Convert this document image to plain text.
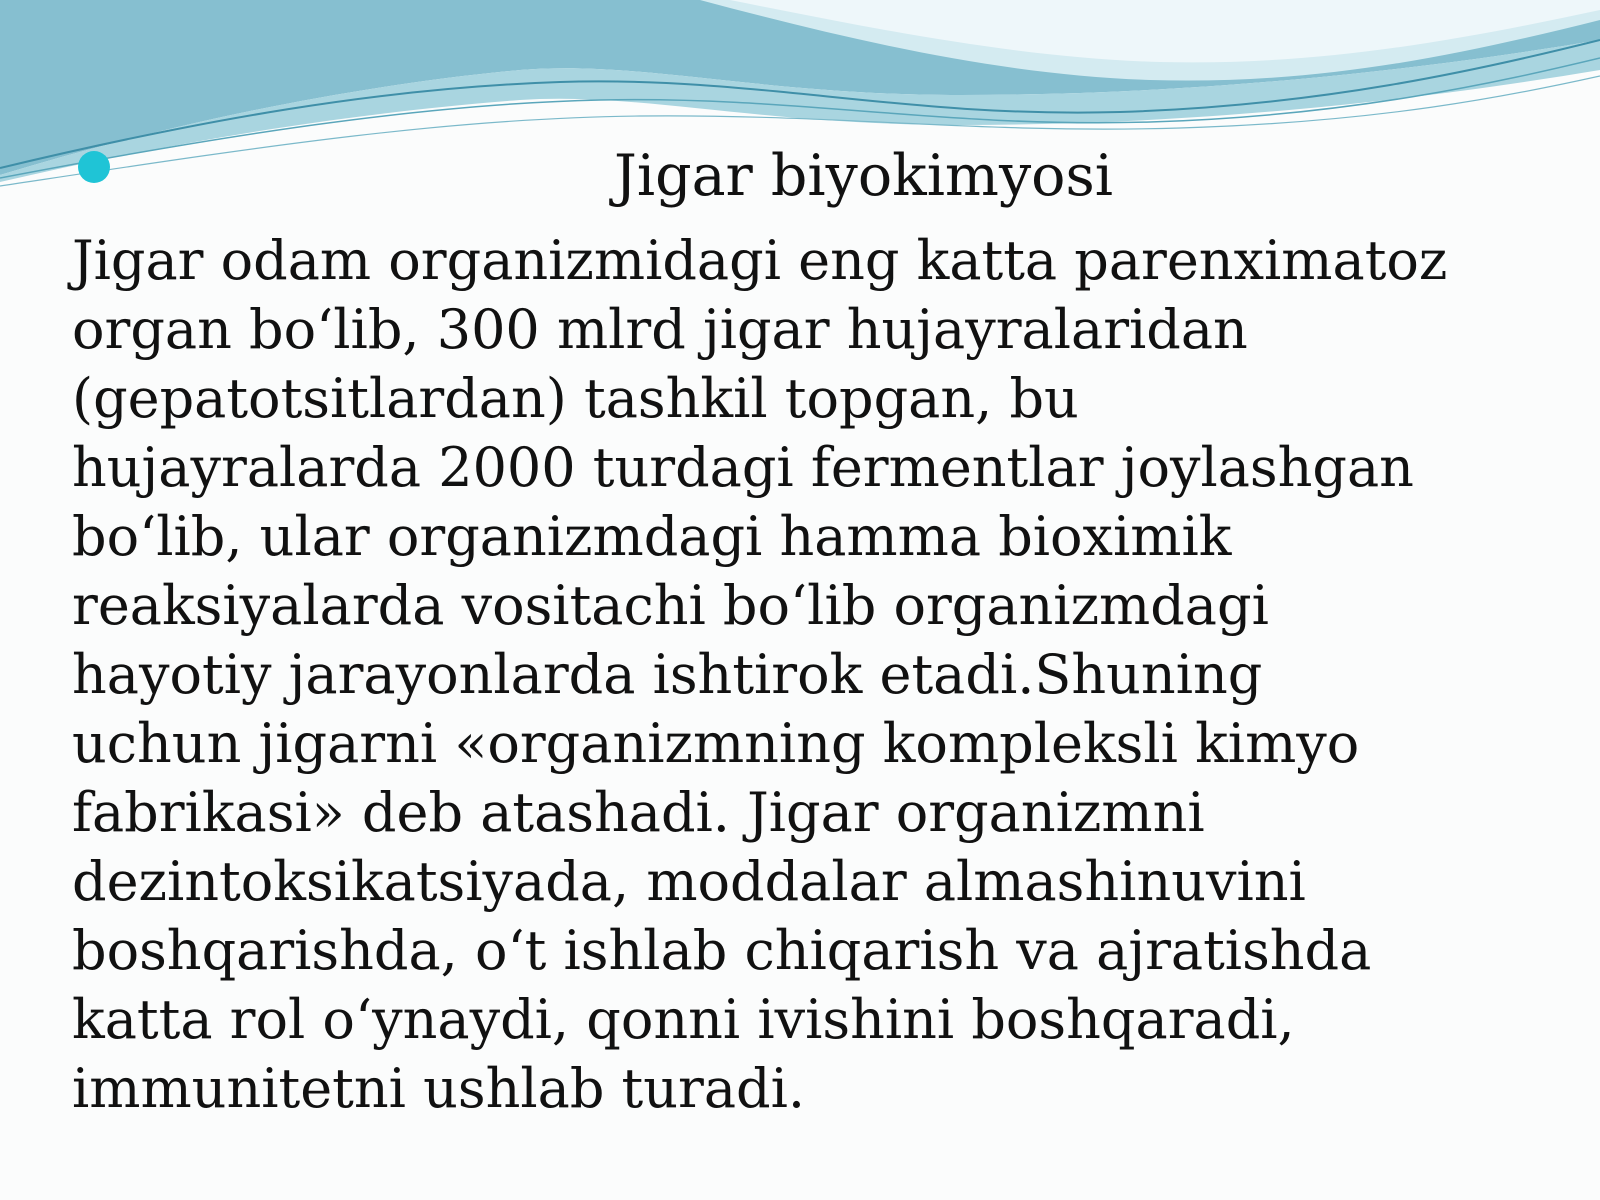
Jigar biyokimyosi

Jigar odam organizmidagi eng katta parenximatoz
organ bo‘lib, 300 mlrd jigar hujayralaridan
(gepatotsitlardan) tashkil topgan, bu
hujayralarda 2000 turdagi fermentlar joylashgan
bo‘lib, ular organizmdagi hamma bioximik
reaksiyalarda vositachi bo‘lib organizmdagi
hayotiy jarayonlarda ishtirok etadi.Shuning
uchun jigarni «organizmning kompleksli kimyo
fabrikasi» deb atashadi. Jigar organizmni
dezintoksikatsiyada, moddalar almashinuvini
boshqarishda, o‘t ishlab chiqarish va ajratishda
katta rol o‘ynaydi, qonni ivishini boshqaradi,
immunitetni ushlab turadi.
